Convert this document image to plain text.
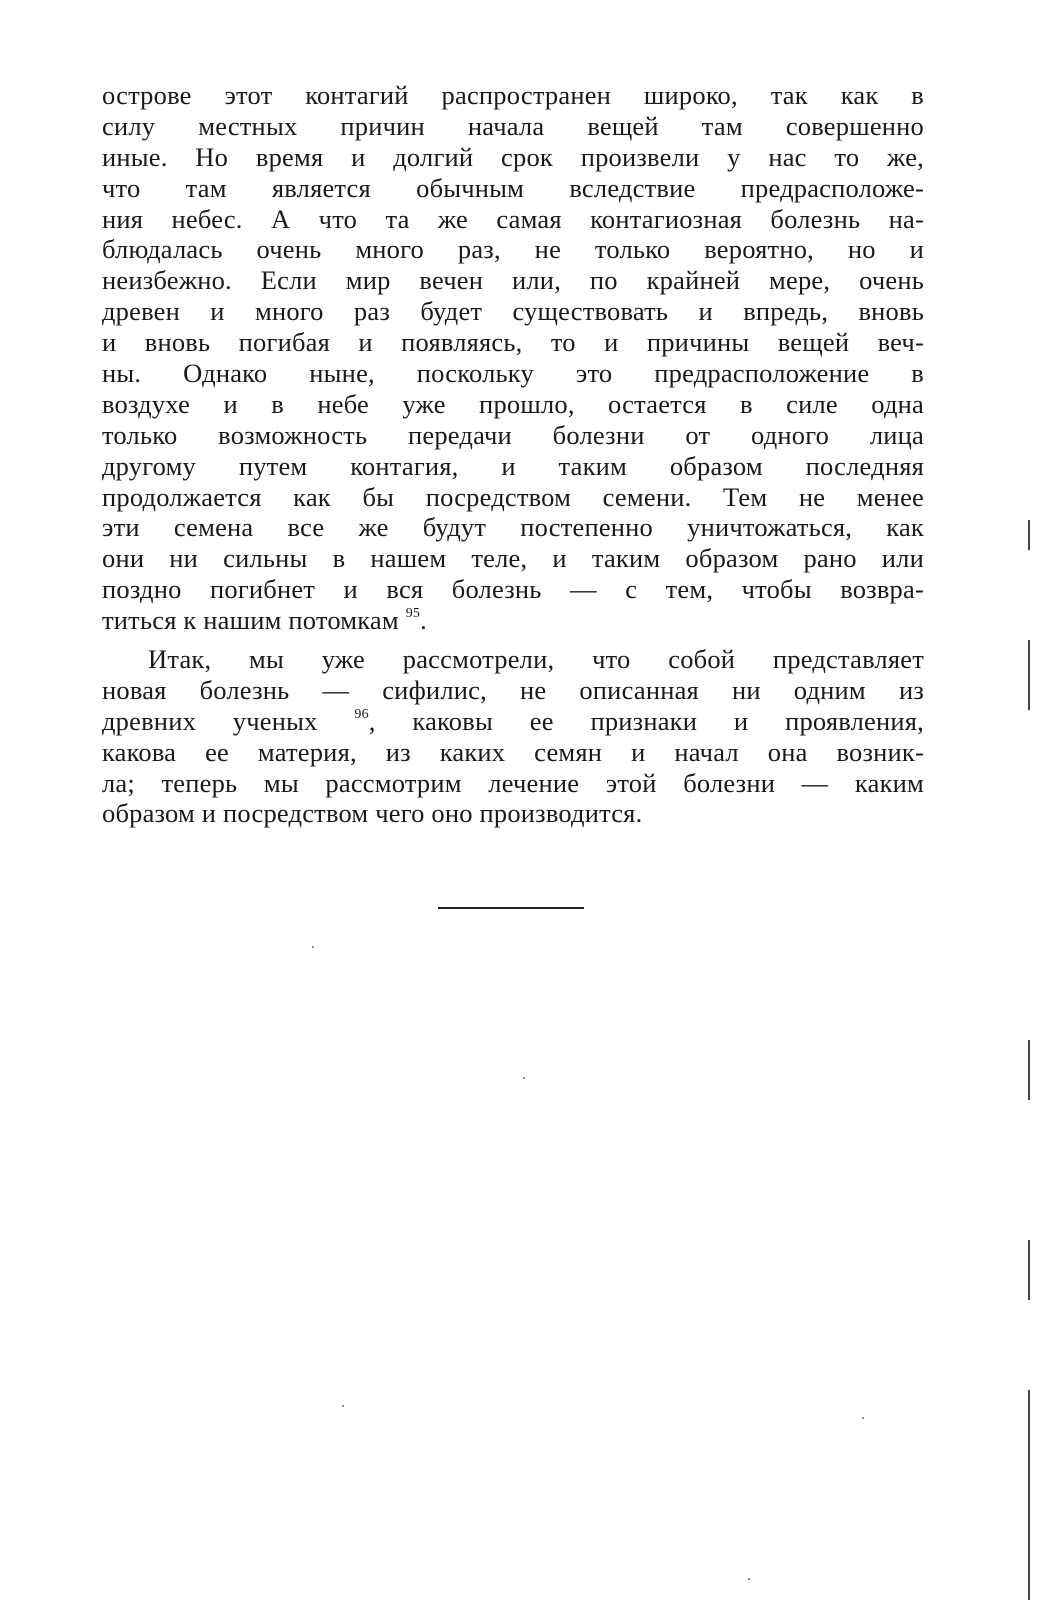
острове этот контагий распространен широко, так как в
силу местных причин начала вещей там совершенно
иные. Но время и долгий срок произвели у нас то же,
что там является обычным вследствие предрасположе-
ния небес. А что та же самая контагиозная болезнь на-
блюдалась очень много раз, не только вероятно, но и
неизбежно. Если мир вечен или, по крайней мере, очень
древен и много раз будет существовать и впредь, вновь
и вновь погибая и появляясь, то и причины вещей веч-
ны. Однако ныне, поскольку это предрасположение в
воздухе и в небе уже прошло, остается в силе одна
только возможность передачи болезни от одного лица
другому путем контагия, и таким образом последняя
продолжается как бы посредством семени. Тем не менее
эти семена все же будут постепенно уничтожаться, как
они ни сильны в нашем теле, и таким образом рано или
поздно погибнет и вся болезнь — с тем, чтобы возвра-
титься к нашим потомкам $^{95}$.
Итак, мы уже рассмотрели, что собой представляет
новая болезнь — сифилис, не описанная ни одним из
древних ученых	$^{96}$, каковы ее признаки и проявления,
какова ее материя, из каких семян и начал она возник-
ла; теперь мы рассмотрим лечение этой болезни — каким
образом и посредством чего оно производится.
